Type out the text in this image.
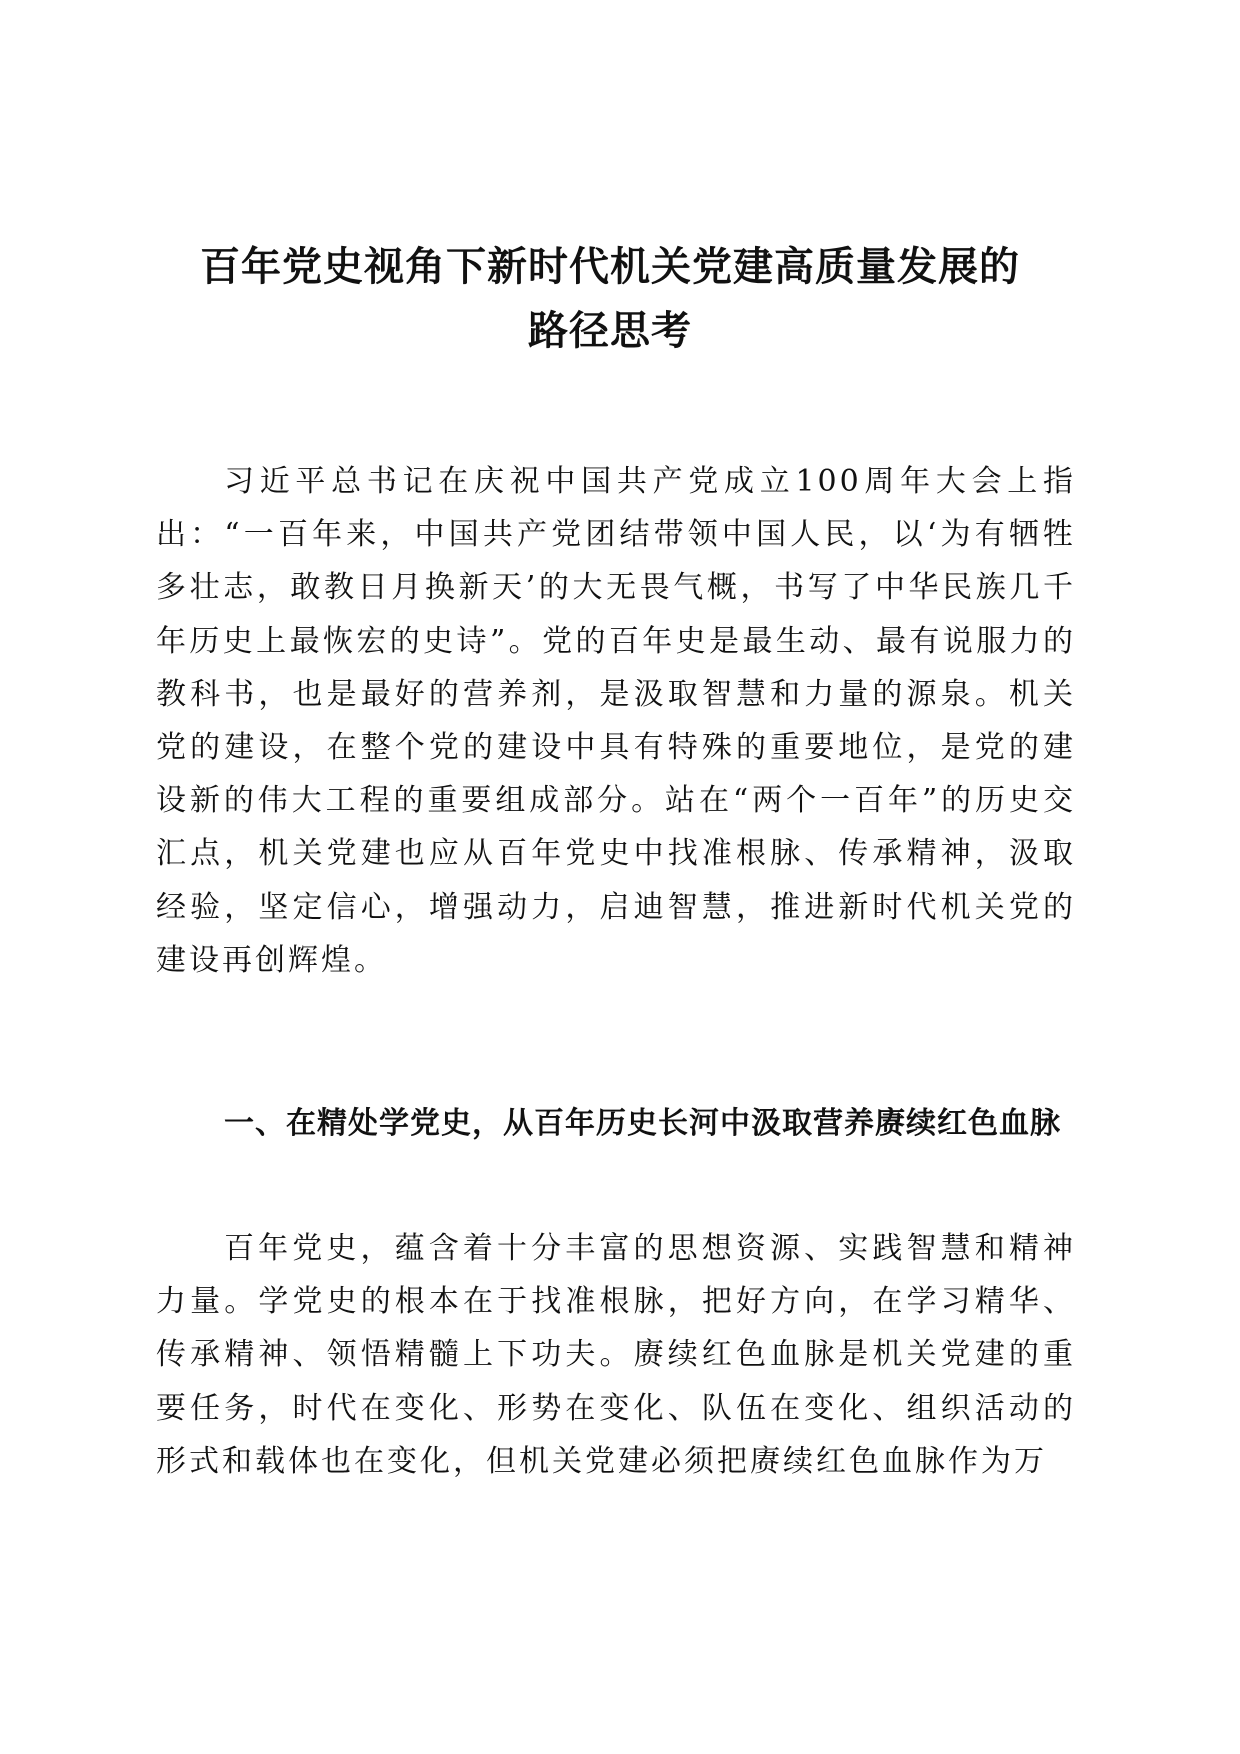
百年党史视角下新时代机关党建高质量发展的
路径思考

习近平总书记在庆祝中国共产党成立100周年大会上指出：“一百年来，中国共产党团结带领中国人民，以‘为有牺牲多壮志，敢教日月换新天’的大无畏气概，书写了中华民族几千年历史上最恢宏的史诗”。党的百年史是最生动、最有说服力的教科书，也是最好的营养剂，是汲取智慧和力量的源泉。机关党的建设，在整个党的建设中具有特殊的重要地位，是党的建设新的伟大工程的重要组成部分。站在“两个一百年”的历史交汇点，机关党建也应从百年党史中找准根脉、传承精神，汲取经验，坚定信心，增强动力，启迪智慧，推进新时代机关党的建设再创辉煌。

一、在精处学党史，从百年历史长河中汲取营养赓续红色血脉

百年党史，蕴含着十分丰富的思想资源、实践智慧和精神力量。学党史的根本在于找准根脉，把好方向，在学习精华、传承精神、领悟精髓上下功夫。赓续红色血脉是机关党建的重要任务，时代在变化、形势在变化、队伍在变化、组织活动的形式和载体也在变化，但机关党建必须把赓续红色血脉作为万
